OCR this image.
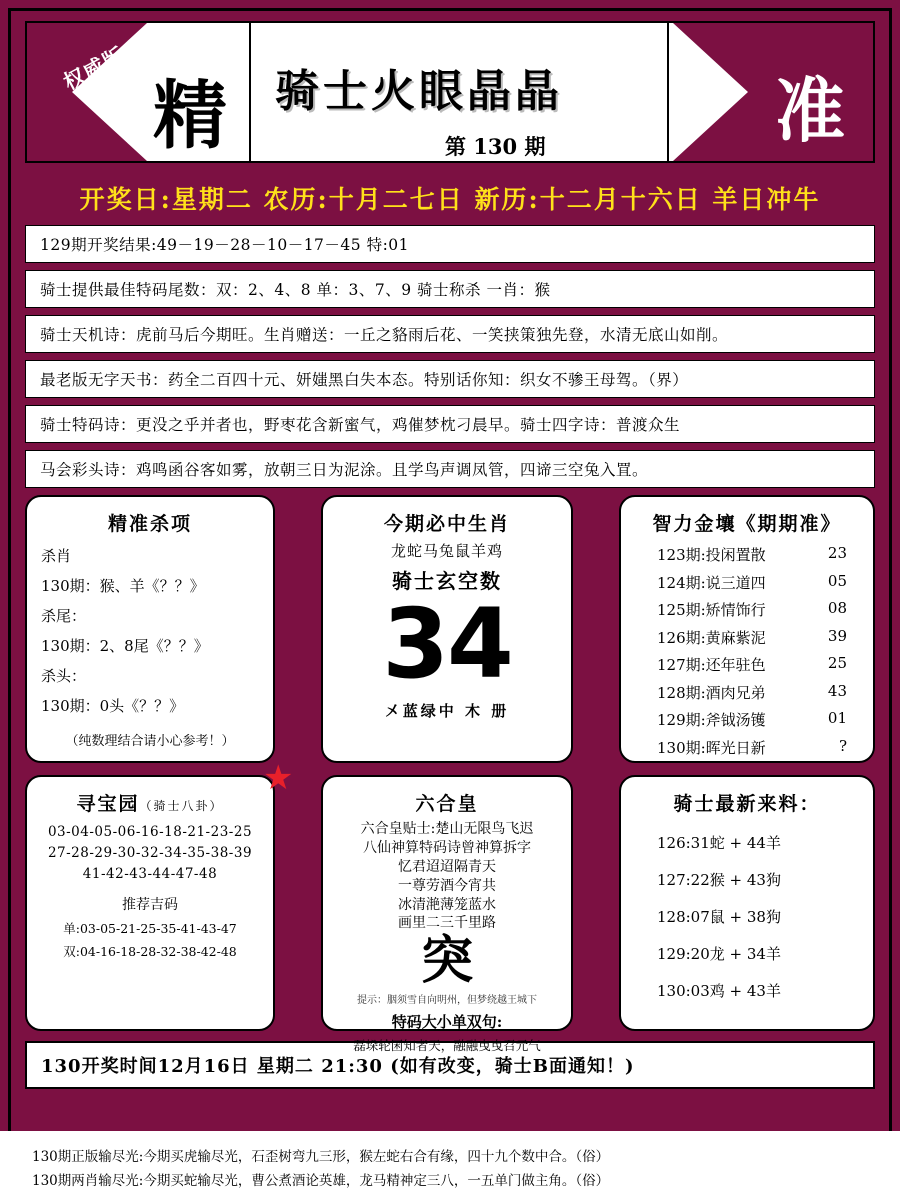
权威版
精 骑士火眼晶晶
第 130 期	准
开奖日:星期二 农历:十月二七日 新历:十二月十六日 羊日冲牛
129期开奖结果:49－19－28－10－17－45 特:01
骑士提供最佳特码尾数：双：2、4、8 单：3、7、9 骑士称杀 一肖：猴
骑士天机诗：虎前马后今期旺。生肖赠送：一丘之貉雨后花、一笑挟策独先登，水清无底山如削。
最老版无字天书：药全二百四十元、妍媸黑白失本态。特别话你知：织女不骖王母驾。（界）
骑士特码诗：更没之乎并者也，野枣花含新蜜气，鸡催梦枕刁晨早。骑士四字诗：普渡众生
马会彩头诗：鸡鸣函谷客如雾，放朝三日为泥涂。且学鸟声调凤管，四谛三空兔入罝。
精准杀项
杀肖
130期：猴、羊《？？》
杀尾：
130期：2、8尾《？？》
杀头：
130期：0头《？？》
（纯数理结合请小心参考！）
今期必中生肖
龙蛇马兔鼠羊鸡
骑士玄空数
34
㐅蓝绿中 木 册
智力金壤《期期准》
123期:投闲置散	23
124期:说三道四	05
125期:矫情饰行	08
126期:黄麻紫泥	39
127期:还年驻色	25
128期:酒肉兄弟	43
129期:斧钺汤镬	01
130期:晖光日新	?
★
寻宝园（骑士八卦）
03-04-05-06-16-18-21-23-25
27-28-29-30-32-34-35-38-39
41-42-43-44-47-48
推荐吉码
单:03-05-21-25-35-41-43-47
双:04-16-18-28-32-38-42-48
六合皇
六合皇贴士:楚山无限鸟飞迟
八仙神算特码诗曾神算拆字
忆君迢迢隔青天
一尊劳酒今宵共
冰清滟薄笼蓝水
画里二三千里路
突
提示：胭须雪自向明州，但梦绕越王城下
特码大小单双句:
磊垛轮囷知者天，融融曳曳召元气
骑士最新来料：
126:31蛇 + 44羊
127:22猴 + 43狗
128:07鼠 + 38狗
129:20龙 + 34羊
130:03鸡 + 43羊
130开奖时间12月16日 星期二 21:30 (如有改变，骑士B面通知！)
130期正版输尽光:今期买虎输尽光，石歪树弯九三形，猴左蛇右合有缘，四十九个数中合。（俗）
130期两肖输尽光:今期买蛇输尽光，曹公煮酒论英雄，龙马精神定三八，一五单门做主角。（俗）
